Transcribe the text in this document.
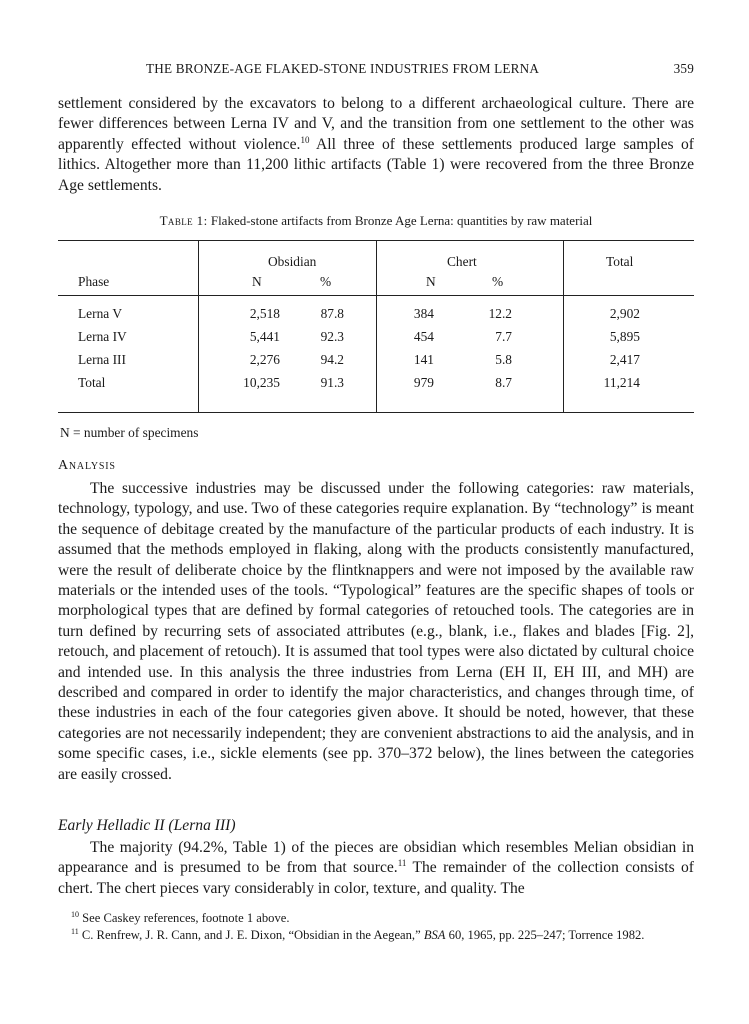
THE BRONZE-AGE FLAKED-STONE INDUSTRIES FROM LERNA	359

settlement considered by the excavators to belong to a different archaeological culture. There are fewer differences between Lerna IV and V, and the transition from one settlement to the other was apparently effected without violence.$^{10}$ All three of these settlements produced large samples of lithics. Altogether more than 11,200 lithic artifacts (Table 1) were recovered from the three Bronze Age settlements.

Table 1: Flaked-stone artifacts from Bronze Age Lerna: quantities by raw material
Obsidian	Chert	Total
Phase	N	%	N	%
Lerna V	2,518	87.8	384	12.2	2,902
Lerna IV	5,441	92.3	454	7.7	5,895
Lerna III	2,276	94.2	141	5.8	2,417
Total	10,235	91.3	979	8.7	11,214
N = number of specimens
Analysis

The successive industries may be discussed under the following categories: raw materials, technology, typology, and use. Two of these categories require explanation. By “technology” is meant the sequence of debitage created by the manufacture of the particular products of each industry. It is assumed that the methods employed in flaking, along with the products consistently manufactured, were the result of deliberate choice by the flintknappers and were not imposed by the available raw materials or the intended uses of the tools. “Typological” features are the specific shapes of tools or morphological types that are defined by formal categories of retouched tools. The categories are in turn defined by recurring sets of associated attributes (e.g., blank, i.e., flakes and blades [Fig. 2], retouch, and placement of retouch). It is assumed that tool types were also dictated by cultural choice and intended use. In this analysis the three industries from Lerna (EH II, EH III, and MH) are described and compared in order to identify the major characteristics, and changes through time, of these industries in each of the four categories given above. It should be noted, however, that these categories are not necessarily independent; they are convenient abstractions to aid the analysis, and in some specific cases, i.e., sickle elements (see pp. 370–372 below), the lines between the categories are easily crossed.

Early Helladic II (Lerna III)

The majority (94.2%, Table 1) of the pieces are obsidian which resembles Melian obsidian in appearance and is presumed to be from that source.$^{11}$ The remainder of the collection consists of chert. The chert pieces vary considerably in color, texture, and quality. The

$^{10}$ See Caskey references, footnote 1 above.
$^{11}$ C. Renfrew, J. R. Cann, and J. E. Dixon, “Obsidian in the Aegean,” BSA 60, 1965, pp. 225–247; Torrence 1982.
